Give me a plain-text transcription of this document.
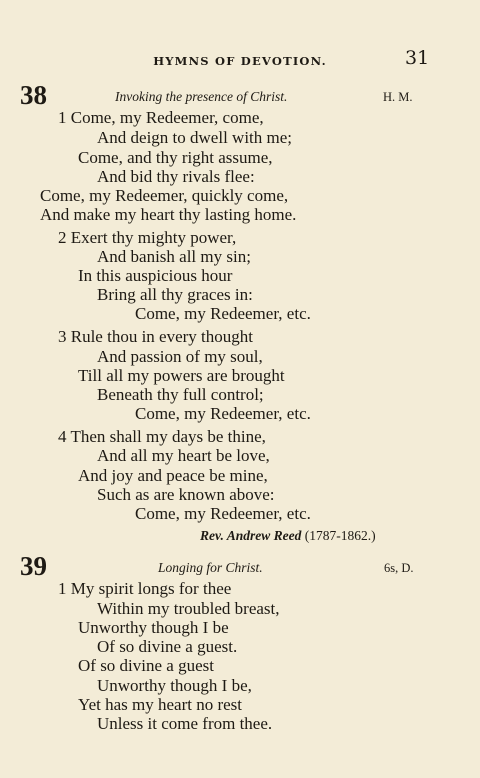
HYMNS OF DEVOTION.	31
38	Invoking the presence of Christ.	H. M.
1 Come, my Redeemer, come,
And deign to dwell with me;
Come, and thy right assume,
And bid thy rivals flee:
Come, my Redeemer, quickly come,
And make my heart thy lasting home.
2 Exert thy mighty power,
And banish all my sin;
In this auspicious hour
Bring all thy graces in:
Come, my Redeemer, etc.
3 Rule thou in every thought
And passion of my soul,
Till all my powers are brought
Beneath thy full control;
Come, my Redeemer, etc.
4 Then shall my days be thine,
And all my heart be love,
And joy and peace be mine,
Such as are known above:
Come, my Redeemer, etc.
Rev. Andrew Reed (1787-1862.)
39	Longing for Christ.	6s, D.
1 My spirit longs for thee
Within my troubled breast,
Unworthy though I be
Of so divine a guest.
Of so divine a guest
Unworthy though I be,
Yet has my heart no rest
Unless it come from thee.
